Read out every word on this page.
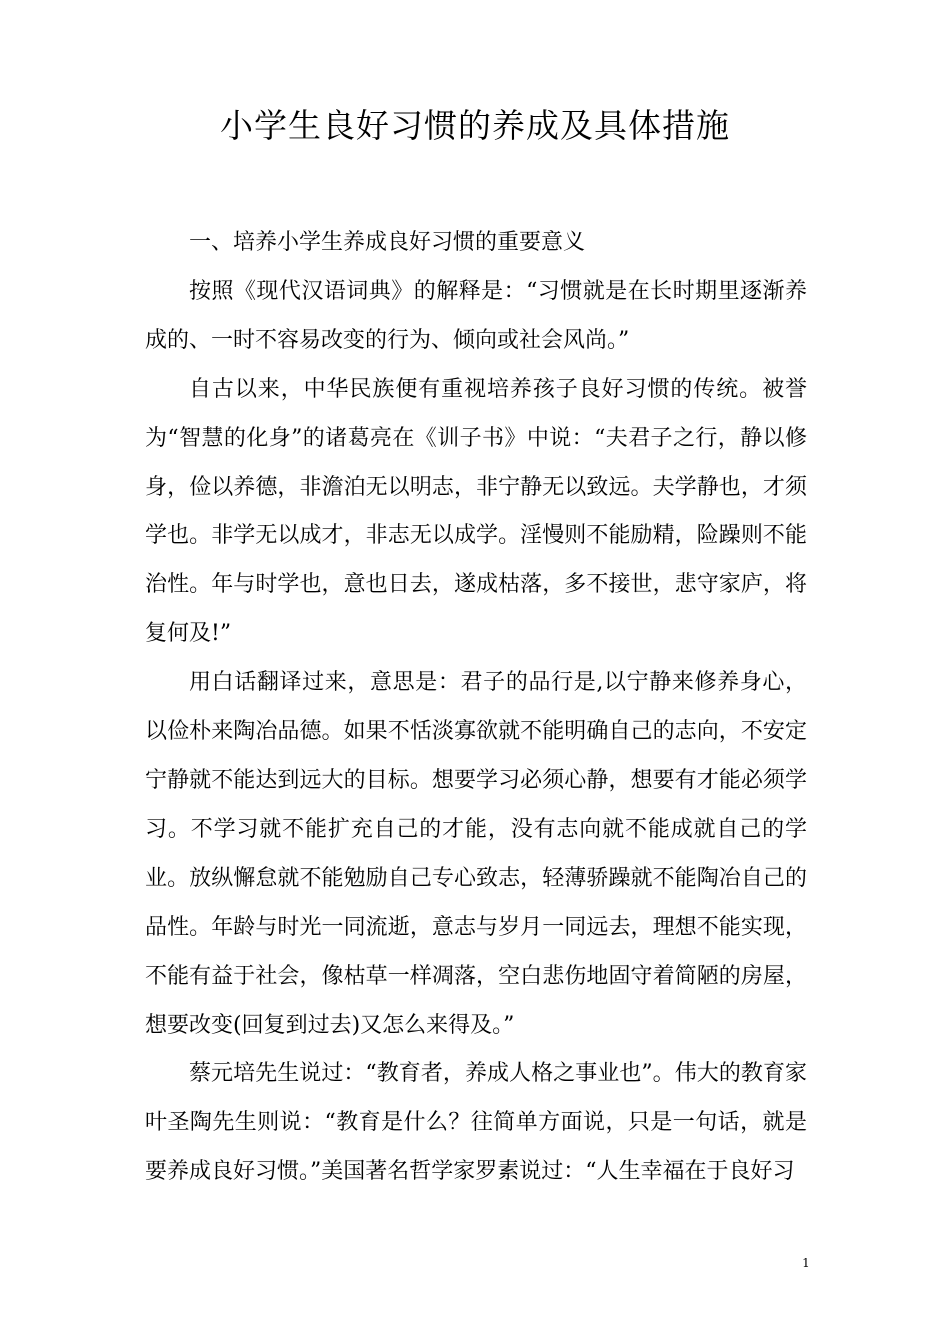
小学生良好习惯的养成及具体措施

一、培养小学生养成良好习惯的重要意义

按照《现代汉语词典》的解释是：“习惯就是在长时期里逐渐养成的、一时不容易改变的行为、倾向或社会风尚。”

自古以来，中华民族便有重视培养孩子良好习惯的传统。被誉为“智慧的化身”的诸葛亮在《训子书》中说：“夫君子之行，静以修身，俭以养德，非澹泊无以明志，非宁静无以致远。夫学静也，才须学也。非学无以成才，非志无以成学。淫慢则不能励精，险躁则不能治性。年与时学也，意也日去，遂成枯落，多不接世，悲守家庐，将复何及!”

用白话翻译过来，意思是：君子的品行是,以宁静来修养身心，以俭朴来陶冶品德。如果不恬淡寡欲就不能明确自己的志向，不安定宁静就不能达到远大的目标。想要学习必须心静，想要有才能必须学习。不学习就不能扩充自己的才能，没有志向就不能成就自己的学业。放纵懈怠就不能勉励自己专心致志，轻薄骄躁就不能陶冶自己的品性。年龄与时光一同流逝，意志与岁月一同远去，理想不能实现，不能有益于社会，像枯草一样凋落，空白悲伤地固守着简陋的房屋，想要改变(回复到过去)又怎么来得及。”

蔡元培先生说过：“教育者，养成人格之事业也”。伟大的教育家叶圣陶先生则说：“教育是什么？往简单方面说，只是一句话，就是要养成良好习惯。”美国著名哲学家罗素说过：“人生幸福在于良好习

1
